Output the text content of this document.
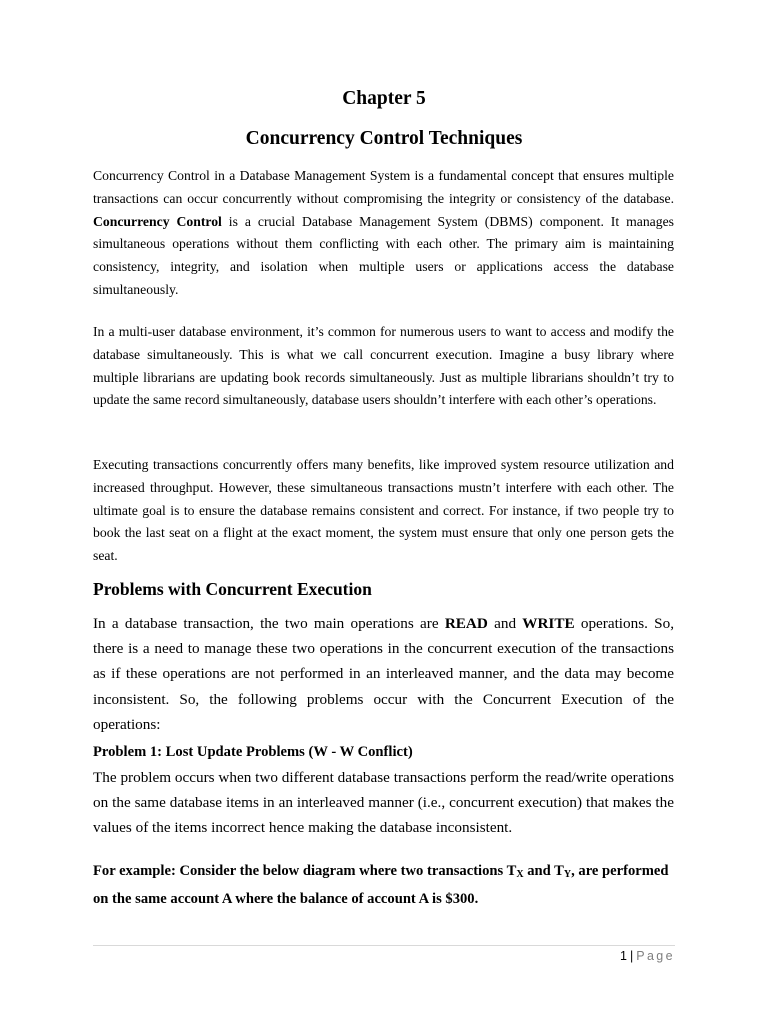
Chapter 5
Concurrency Control Techniques

Concurrency Control in a Database Management System is a fundamental concept that ensures multiple transactions can occur concurrently without compromising the integrity or consistency of the database. Concurrency Control is a crucial Database Management System (DBMS) component. It manages simultaneous operations without them conflicting with each other. The primary aim is maintaining consistency, integrity, and isolation when multiple users or applications access the database simultaneously.

In a multi-user database environment, it’s common for numerous users to want to access and modify the database simultaneously. This is what we call concurrent execution. Imagine a busy library where multiple librarians are updating book records simultaneously. Just as multiple librarians shouldn’t try to update the same record simultaneously, database users shouldn’t interfere with each other’s operations.

Executing transactions concurrently offers many benefits, like improved system resource utilization and increased throughput. However, these simultaneous transactions mustn’t interfere with each other. The ultimate goal is to ensure the database remains consistent and correct. For instance, if two people try to book the last seat on a flight at the exact moment, the system must ensure that only one person gets the seat.

Problems with Concurrent Execution

In a database transaction, the two main operations are READ and WRITE operations. So, there is a need to manage these two operations in the concurrent execution of the transactions as if these operations are not performed in an interleaved manner, and the data may become inconsistent. So, the following problems occur with the Concurrent Execution of the operations:

Problem 1: Lost Update Problems (W - W Conflict)

The problem occurs when two different database transactions perform the read/write operations on the same database items in an interleaved manner (i.e., concurrent execution) that makes the values of the items incorrect hence making the database inconsistent.

For example: Consider the below diagram where two transactions $T_X$ and $T_Y$, are performed on the same account A where the balance of account A is $300.

1 | Page
